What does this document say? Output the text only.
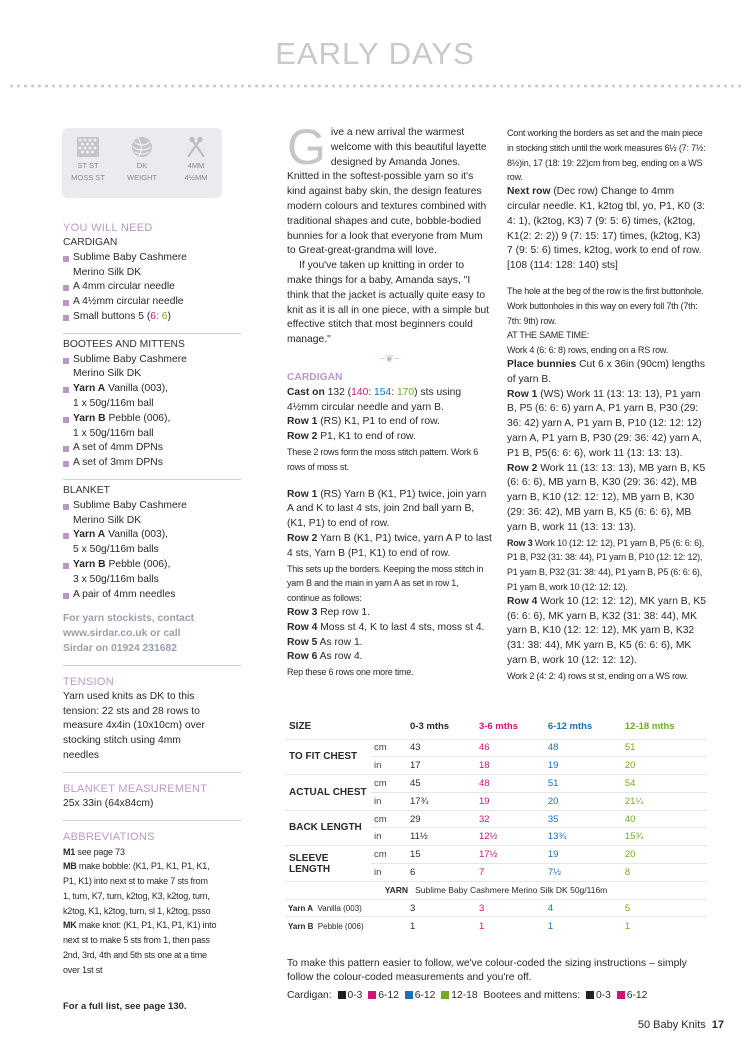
EARLY DAYS
ST ST
MOSS ST
DK
WEIGHT
4MM
4½MM
YOU WILL NEED
CARDIGAN
Sublime Baby Cashmere
Merino Silk DK
A 4mm circular needle
A 4½mm circular needle
Small buttons 5 (6: 6)
BOOTEES AND MITTENS
Sublime Baby Cashmere
Merino Silk DK
Yarn A Vanilla (003),
1 x 50g/116m ball
Yarn B Pebble (006),
1 x 50g/116m ball
A set of 4mm DPNs
A set of 3mm DPNs
BLANKET
Sublime Baby Cashmere
Merino Silk DK
Yarn A Vanilla (003),
5 x 50g/116m balls
Yarn B Pebble (006),
3 x 50g/116m balls
A pair of 4mm needles
For yarn stockists, contact
www.sirdar.co.uk or call
Sirdar on 01924 231682
TENSION
Yarn used knits as DK to this
tension: 22 sts and 28 rows to
measure 4x4in (10x10cm) over
stocking stitch using 4mm
needles
BLANKET MEASUREMENT
25x 33in (64x84cm)
ABBREVIATIONS
M1 see page 73
MB make bobble: (K1, P1, K1, P1, K1,
P1, K1) into next st to make 7 sts from
1, turn, K7, turn, k2tog, K3, k2tog, turn,
k2tog, K1, k2tog, turn, sl 1, k2tog, psso
MK make knot: (K1, P1, K1, P1, K1) into
next st to make 5 sts from 1, then pass
2nd, 3rd, 4th and 5th sts one at a time
over 1st st
For a full list, see page 130.
G ive a new arrival the warmest welcome with this beautiful layette designed by Amanda Jones. Knitted in the softest-possible yarn so it's kind against baby skin, the design features modern colours and textures combined with traditional shapes and cute, bobble-bodied bunnies for a look that everyone from Mum to Great-great-grandma will love.

If you've taken up knitting in order to make things for a baby, Amanda says, "I think that the jacket is actually quite easy to knit as it is all in one piece, with a simple but effective stitch that most beginners could manage."

~❦~
CARDIGAN

Cast on 132 (140: 154: 170) sts using 4½mm circular needle and yarn B.

Row 1 (RS) K1, P1 to end of row.

Row 2 P1, K1 to end of row.

These 2 rows form the moss stitch pattern. Work 6 rows of moss st.

Row 1 (RS) Yarn B (K1, P1) twice, join yarn A and K to last 4 sts, join 2nd ball yarn B, (K1, P1) to end of row.

Row 2 Yarn B (K1, P1) twice, yarn A P to last 4 sts, Yarn B (P1, K1) to end of row.

This sets up the borders. Keeping the moss stitch in yarn B and the main in yarn A as set in row 1, continue as follows:

Row 3 Rep row 1.

Row 4 Moss st 4, K to last 4 sts, moss st 4.

Row 5 As row 1.

Row 6 As row 4.

Rep these 6 rows one more time.

Cont working the borders as set and the main piece in stocking stitch until the work measures 6½ (7: 7½: 8½)in, 17 (18: 19: 22)cm from beg, ending on a WS row.

Next row (Dec row) Change to 4mm circular needle. K1, k2tog tbl, yo, P1, K0 (3: 4: 1), (k2tog, K3) 7 (9: 5: 6) times, (k2tog, K1(2: 2: 2)) 9 (7: 15: 17) times, (k2tog, K3) 7 (9: 5: 6) times, k2tog, work to end of row. [108 (114: 128: 140) sts]

The hole at the beg of the row is the first buttonhole. Work buttonholes in this way on every foll 7th (7th: 7th: 9th) row.

AT THE SAME TIME:

Work 4 (6: 6: 8) rows, ending on a RS row.

Place bunnies Cut 6 x 36in (90cm) lengths of yarn B.

Row 1 (WS) Work 11 (13: 13: 13), P1 yarn B, P5 (6: 6: 6) yarn A, P1 yarn B, P30 (29: 36: 42) yarn A, P1 yarn B, P10 (12: 12: 12) yarn A, P1 yarn B, P30 (29: 36: 42) yarn A, P1 B, P5(6: 6: 6), work 11 (13: 13: 13).

Row 2 Work 11 (13: 13: 13), MB yarn B, K5 (6: 6: 6), MB yarn B, K30 (29: 36: 42), MB yarn B, K10 (12: 12: 12), MB yarn B, K30 (29: 36: 42), MB yarn B, K5 (6: 6: 6), MB yarn B, work 11 (13: 13: 13).

Row 3 Work 10 (12: 12: 12), P1 yarn B, P5 (6: 6: 6), P1 B, P32 (31: 38: 44), P1 yarn B, P10 (12: 12: 12), P1 yarn B, P32 (31: 38: 44), P1 yarn B, P5 (6: 6: 6), P1 yarn B, work 10 (12: 12: 12).

Row 4 Work 10 (12: 12: 12), MK yarn B, K5 (6: 6: 6), MK yarn B, K32 (31: 38: 44), MK yarn B, K10 (12: 12: 12), MK yarn B, K32 (31: 38: 44), MK yarn B, K5 (6: 6: 6), MK yarn B, work 10 (12: 12: 12).

Work 2 (4: 2: 4) rows st st, ending on a WS row.

SIZE		0-3 mths	3-6 mths	6-12 mths	12-18 mths
TO FIT CHEST	cm	43	46	48	51
	in	17	18	19	20
ACTUAL CHEST	cm	45	48	51	54
	in	17¾	19	20	21¼
BACK LENGTH	cm	29	32	35	40
	in	11½	12½	13¾	15¾
SLEEVE LENGTH	cm	15	17½	19	20
	in	6	7	7½	8
YARN Sublime Baby Cashmere Merino Silk DK 50g/116m					
Yarn A Vanilla (003)		3	3	4	5
Yarn B Pebble (006)		1	1	1	1

To make this pattern easier to follow, we've colour-coded the sizing instructions – simply follow the colour-coded measurements and you're off.

Cardigan: 0-3 6-12 6-12 12-18 Bootees and mittens: 0-3 6-12
50 Baby Knits 17
